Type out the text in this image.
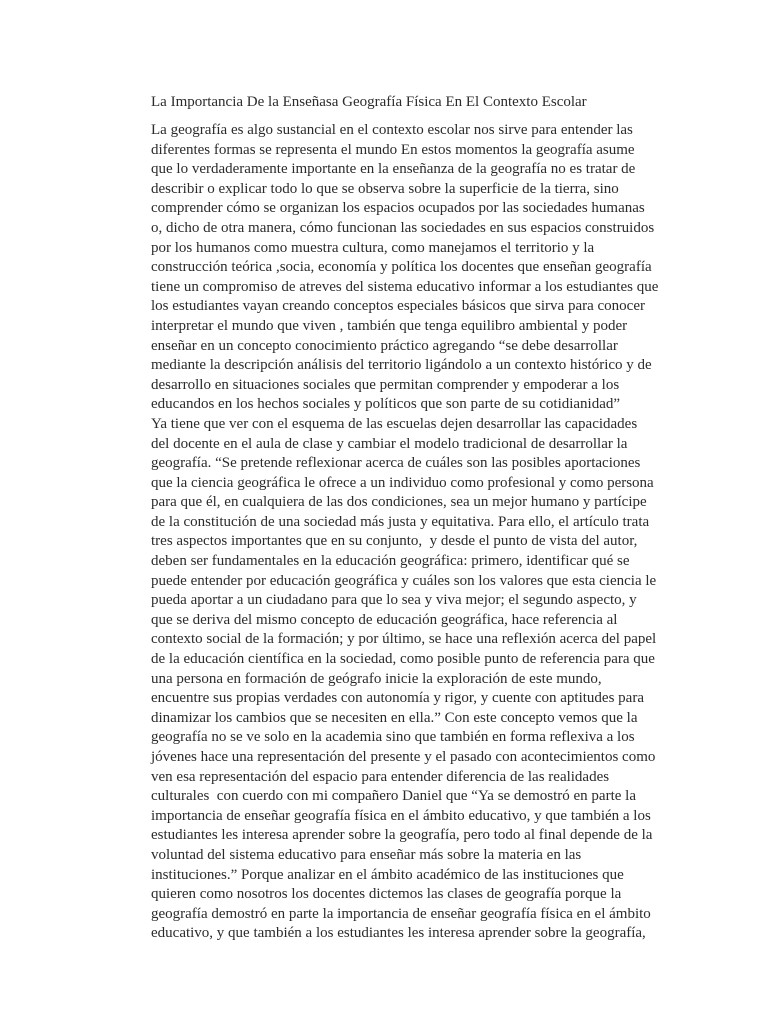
La Importancia De la Enseñasa Geografía Física En El Contexto Escolar
La geografía es algo sustancial en el contexto escolar nos sirve para entender las
diferentes formas se representa el mundo En estos momentos la geografía asume
que lo verdaderamente importante en la enseñanza de la geografía no es tratar de
describir o explicar todo lo que se observa sobre la superficie de la tierra, sino
comprender cómo se organizan los espacios ocupados por las sociedades humanas
o, dicho de otra manera, cómo funcionan las sociedades en sus espacios construidos
por los humanos como muestra cultura, como manejamos el territorio y la
construcción teórica ,socia, economía y política los docentes que enseñan geografía
tiene un compromiso de atreves del sistema educativo informar a los estudiantes que
los estudiantes vayan creando conceptos especiales básicos que sirva para conocer
interpretar el mundo que viven , también que tenga equilibro ambiental y poder
enseñar en un concepto conocimiento práctico agregando “se debe desarrollar
mediante la descripción análisis del territorio ligándolo a un contexto histórico y de
desarrollo en situaciones sociales que permitan comprender y empoderar a los
educandos en los hechos sociales y políticos que son parte de su cotidianidad”
Ya tiene que ver con el esquema de las escuelas dejen desarrollar las capacidades
del docente en el aula de clase y cambiar el modelo tradicional de desarrollar la
geografía. “Se pretende reflexionar acerca de cuáles son las posibles aportaciones
que la ciencia geográfica le ofrece a un individuo como profesional y como persona
para que él, en cualquiera de las dos condiciones, sea un mejor humano y partícipe
de la constitución de una sociedad más justa y equitativa. Para ello, el artículo trata
tres aspectos importantes que en su conjunto,  y desde el punto de vista del autor,
deben ser fundamentales en la educación geográfica: primero, identificar qué se
puede entender por educación geográfica y cuáles son los valores que esta ciencia le
pueda aportar a un ciudadano para que lo sea y viva mejor; el segundo aspecto, y
que se deriva del mismo concepto de educación geográfica, hace referencia al
contexto social de la formación; y por último, se hace una reflexión acerca del papel
de la educación científica en la sociedad, como posible punto de referencia para que
una persona en formación de geógrafo inicie la exploración de este mundo,
encuentre sus propias verdades con autonomía y rigor, y cuente con aptitudes para
dinamizar los cambios que se necesiten en ella.” Con este concepto vemos que la
geografía no se ve solo en la academia sino que también en forma reflexiva a los
jóvenes hace una representación del presente y el pasado con acontecimientos como
ven esa representación del espacio para entender diferencia de las realidades
culturales  con cuerdo con mi compañero Daniel que “Ya se demostró en parte la
importancia de enseñar geografía física en el ámbito educativo, y que también a los
estudiantes les interesa aprender sobre la geografía, pero todo al final depende de la
voluntad del sistema educativo para enseñar más sobre la materia en las
instituciones.” Porque analizar en el ámbito académico de las instituciones que
quieren como nosotros los docentes dictemos las clases de geografía porque la
geografía demostró en parte la importancia de enseñar geografía física en el ámbito
educativo, y que también a los estudiantes les interesa aprender sobre la geografía,
